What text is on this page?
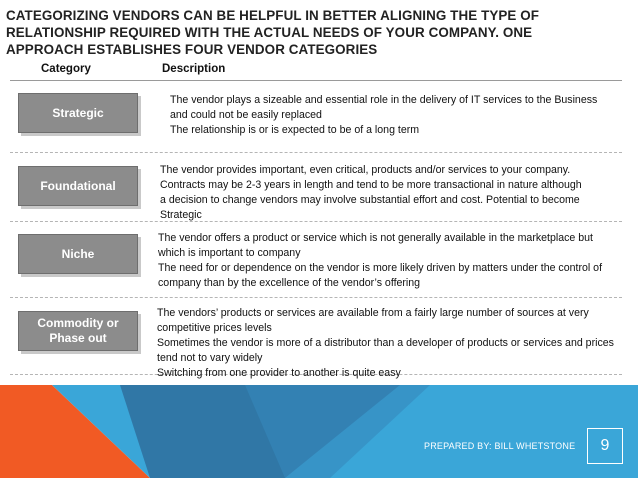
CATEGORIZING VENDORS CAN BE HELPFUL IN BETTER ALIGNING THE TYPE OF
RELATIONSHIP REQUIRED WITH THE ACTUAL NEEDS OF YOUR COMPANY. ONE
APPROACH ESTABLISHES FOUR VENDOR CATEGORIES
Category	Description
Strategic
The vendor plays a sizeable and essential role in the delivery of IT services to the Business
and could not be easily replaced
The relationship is or is expected to be of a long term
Foundational
The vendor provides important, even critical, products and/or services to your company.
Contracts may be 2-3 years in length and tend to be more transactional in nature although
a decision to change vendors may involve substantial effort and cost. Potential to become
Strategic
Niche
The vendor offers a product or service which is not generally available in the marketplace but
which is important to company
The need for or dependence on the vendor is more likely driven by matters under the control of
company than by the excellence of the vendor’s offering
Commodity or
Phase out
The vendors’ products or services are available from a fairly large number of sources at very
competitive prices levels
Sometimes the vendor is more of a distributor than a developer of products or services and prices
tend not to vary widely
Switching from one provider to another is quite easy
PREPARED BY: BILL WHETSTONE 9
